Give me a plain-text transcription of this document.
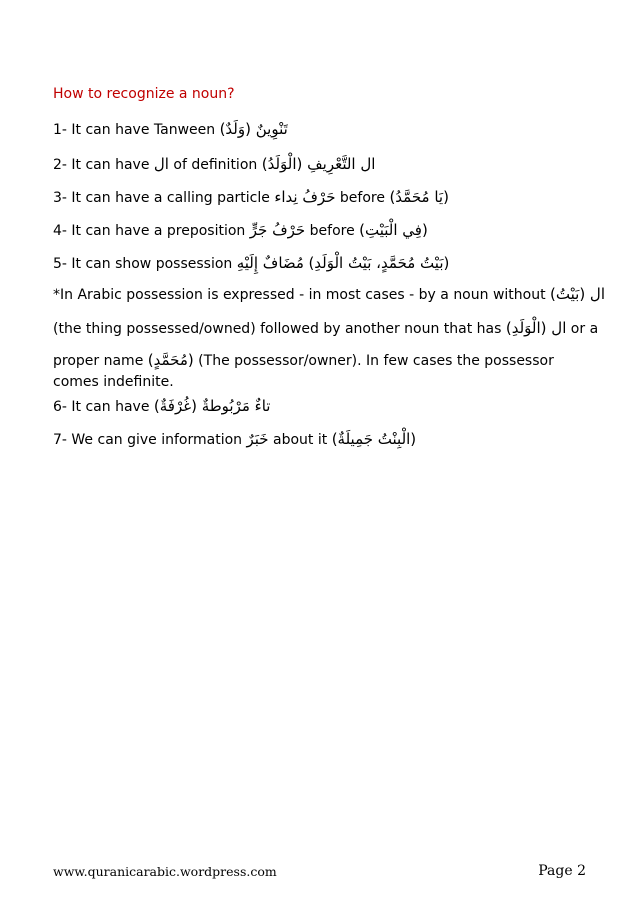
How to recognize a noun?
1- It can have Tanween تَنْوِينٌ (وَلَدٌ)
2- It can have ال of definition ال التَّعْرِيفِ (الْوَلَدُ)
3- It can have a calling particle حَرْفُ نِداء before (يَا مُحَمَّدُ)
4- It can have a preposition حَرْفُ جَرٍّ before (فِي الْبَيْتِ)
5- It can show possession مُضَافٌ إِلَيْهِ (بَيْتُ مُحَمَّدٍ، بَيْتُ الْوَلَدِ)
*In Arabic possession is expressed - in most cases - by a noun without ال (بَيْتُ)
(the thing possessed/owned) followed by another noun that has ال (الْوَلَدِ) or a
proper name (مُحَمَّدٍ) (The possessor/owner). In few cases the possessor
comes indefinite.
6- It can have تاءٌ مَرْبُوطةٌ (غُرْفَةٌ)
7- We can give information خَبَرٌ about it (الْبِنْتُ جَمِيلَةٌ)
www.quranicarabic.wordpress.com	Page 2
